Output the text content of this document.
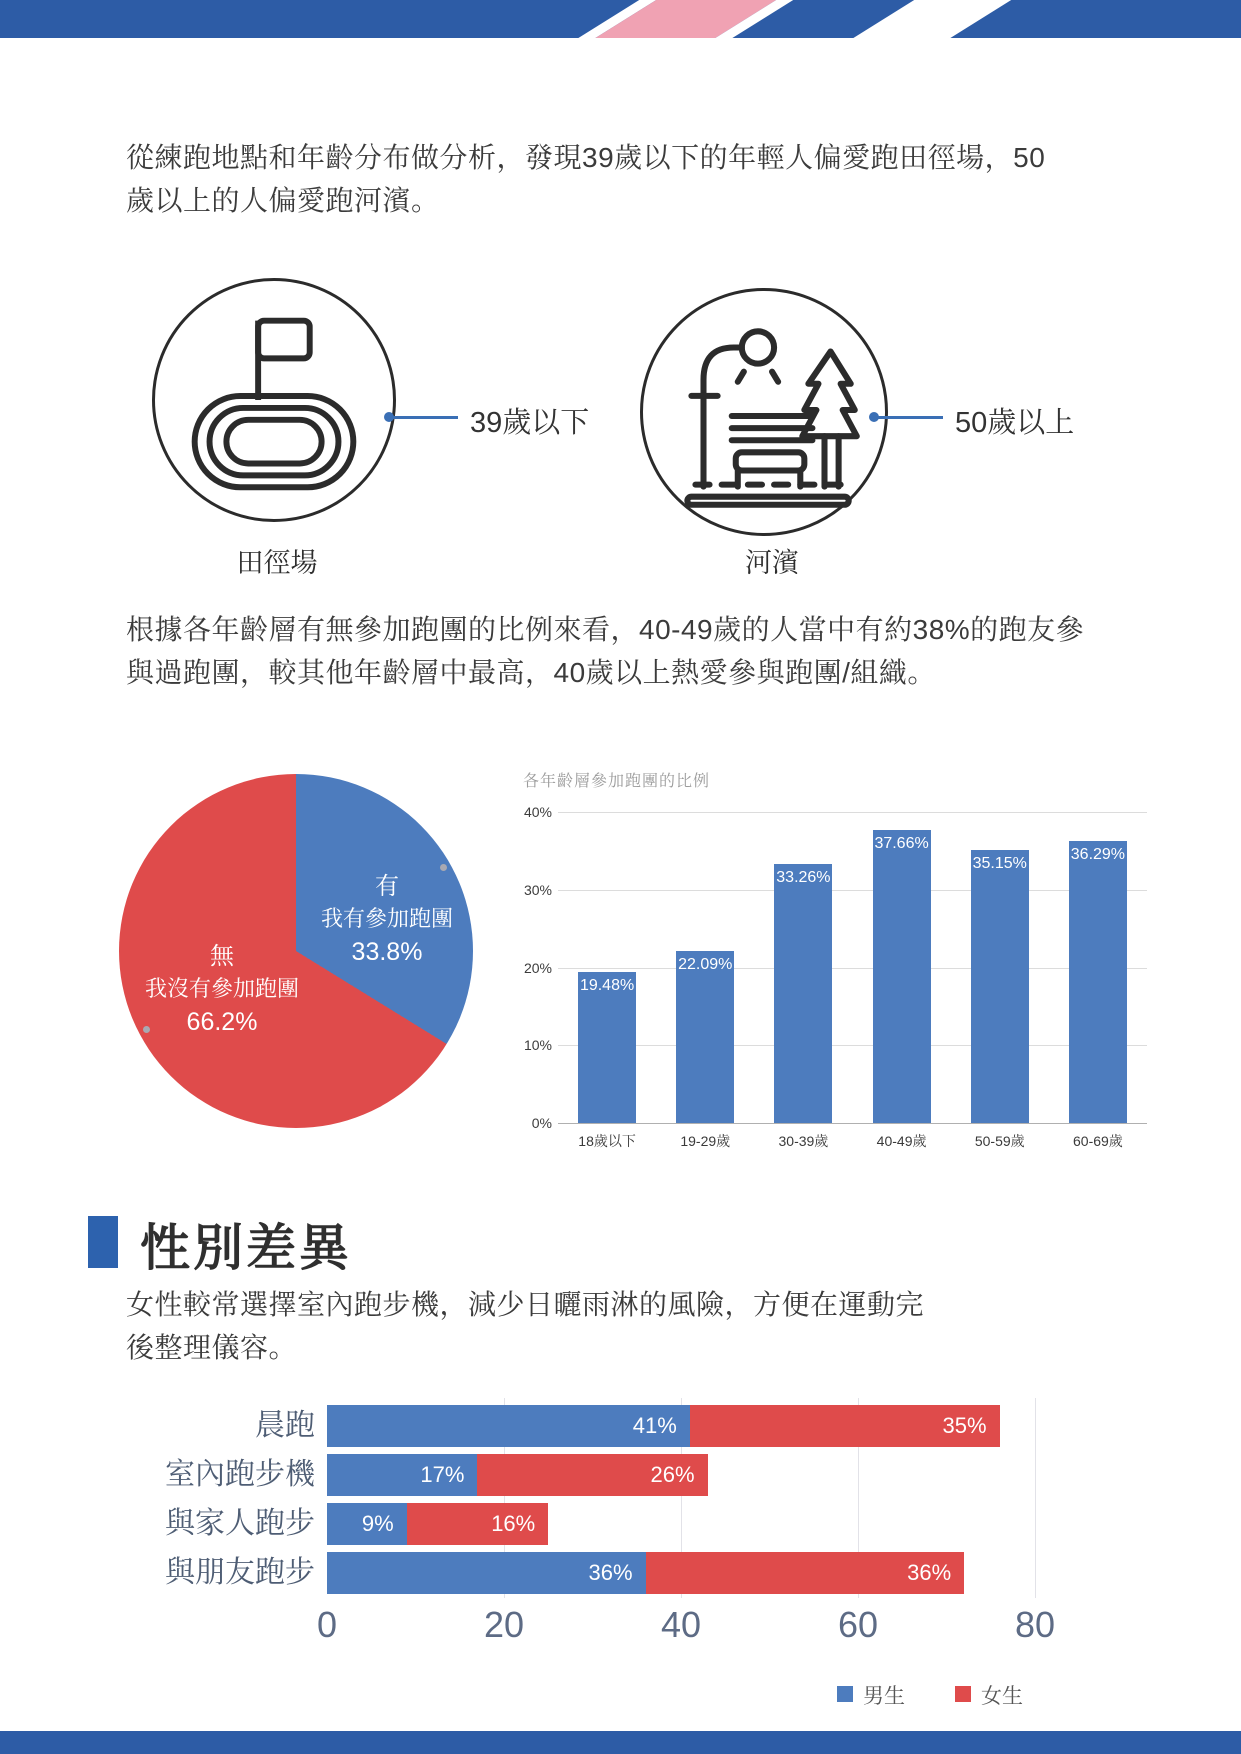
從練跑地點和年齡分布做分析，發現39歲以下的年輕人偏愛跑田徑場，50歲以上的人偏愛跑河濱。
39歲以下	50歲以上
田徑場	河濱
根據各年齡層有無參加跑團的比例來看，40-49歲的人當中有約38%的跑友參與過跑團，較其他年齡層中最高，40歲以上熱愛參與跑團/組織。
有
我有參加跑團
33.8%
無
我沒有參加跑團
66.2%
各年齡層參加跑團的比例
40%
30%
20%
10%
0%
19.48%
18歲以下
22.09%
19-29歲
33.26%
30-39歲
37.66%
40-49歲
35.15%
50-59歲
36.29%
60-69歲
性別差異
女性較常選擇室內跑步機，減少日曬雨淋的風險，方便在運動完後整理儀容。
男生	女生
0	20	40	60	80
晨跑	41%	35%
室內跑步機	17%	26%
與家人跑步	9%	16%
與朋友跑步	36%	36%
